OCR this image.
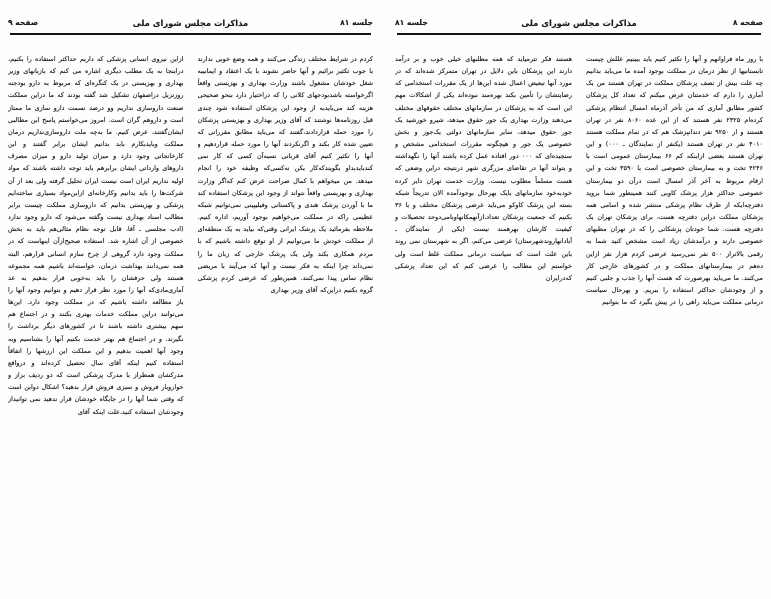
صفحه ۸
مذاکرات مجلس شورای ملی
جلسه ۸۱

با روز ماه فراوانهم و آنها را تکثیر کنیم باید ببینیم عللش چیست تابستانیها از نظر درمان در مملکت بوجود آمده ما می‌باید بدانیم چه علت بیش از نصف پزشکان مملکت در تهران هستند من یک آماری را دارم که خدمتتان عرض میکنم که تعداد کل پزشکان کشور مطابق آماری که من تأخر آذرماه امسال انتظام پزشکی کرده‌ام ۲۳۲۵ نفر هستند که از این عده ۸۰۶۰ نفر در تهران هستند و از ۹۲۵۰ نفر دندانپزشک هم که در تمام مملکت هستند ۴۰۱۰ نفر در تهران هستند (یکنفر از نمایندگان ـ ۰۰۰) و این تهران هستند بعضی ازاینکه کم ۶۶ بیمارستان عمومی است با ۴۲۴۶ تخت و به بیمارستان خصوصی است با ۳۵۹۰ تخت و این ارقام مربوط به آخر آذر امسال است درآن دو بیمارستان خصوصی حداکثر هزار پزشک کاوبی کنند همینطور شما بروید دفترچه‌ایکه از طرف نظام پزشکی منتشر شده و اسامی همه پزشکان مملکت دراین دفترچه هست، برای پزشکان تهران یک دفترچه هست. شما خودتان پزشکانی را که در تهران مطبهای خصوصی دارند و درآمدشان زیاد است مشخص کنید شما به رقمی بالاتراز ۵۰۰ نفر نمی‌رسید عرضی کردم هزار نفر ازاین ده‌هم در بیمارستانهای مملکت و در کشورهای خارجی کار می‌کنند. ما می‌باید بهرصورت که هست آنها را جذب و جلبی کنیم و از وجودشان حداکثر استفاده را ببریم. و بهرحال سیاست درمانی مملکت می‌باید راهی را در پیش بگیرد که ما بتوانیم

هستند فکر تترمیاید که همه مطلبهای خیلی خوب و بر درآمد دارند این پزشکان باین دلایل در تهران متمرکز شده‌اند که در مورد آنها تبعیض اعمال شده این‌ها از یک مقررات استخدامی که رضایتشان را تأمین بکند بهره‌مند نبوده‌اند یکی از اشکالات مهم این است که به پزشکان در سازمانهای مختلف حقوقهای مختلف می‌دهند وزارت بهداری یک جور حقوق میدهد، شیرو خورشید یک جور حقوق میدهد، سایر سازمانهای دولتی یک‌جور و بخش خصوصی یک جور و هیچگونه مقررات استخدامی مشخص و سنجیده‌ای که ۰۰۰ دور افتاده عمل کرده باشند آنها را نگهداشته و بتواند آنها در تقاضای مزرگری شهر درنتیجه دراین وضعی که هست مسلماً مطلوب نیست. وزارت خدمت تهران دایر کرده خودبه‌خود سازمانهای بایک بهرحال بوجودآمده الان تدریجاً شبکه بسته این پزشک کاوکو می‌باید عرضی پزشکان مختلف و با ۳۶ بکنیم که جمعیت پزشکان تعداد،ازآنهمکانهاوبامی‌دوحد تحصیلات و کیفیت کارشان بهرهمند نیست (یکی از نمایندگان ـ آبادانهاروندشهرستان) عرضی می‌کنم، اگر به شهرستان نمی روند باین علت است که سیاست درمانی مملکت غلط است ولی خواستم این مطالب را عرضی کنم که این تعداد پزشکی که‌درایران

جلسه ۸۱
مذاکرات مجلس شورای ملی
صفحه ۹

کردم در شرایط مختلف زندگی می‌کنند و همه وضع خوبی ندارند با جوب تکثیر برائیم و آنها حاضر نشوند با یک اعتقاد و ایمانیبه شغل خودشان مشغول باشند وزارت بهداری و بهزیستی واقعاً اگرخواسته باشدبودجهای کلانی را که دراختیار دارد بنحو صحیحی هزینه کند می‌بایدبه از وجود این پزشکان استفاده شود چندی قبل روزنامه‌ها نوشتند که آقای وزیر بهداری و بهزیستی پزشکان را مورد حمله قراردادند،گفتند که می‌باید مطابق مقرراتی که تعیین شده کار بکند و اگرنکردند آنها را مورد حمله قراردهیم و آنها را تکثیر کنیم آقای قربانی نسبه‌آن کسی که کار نمی کندبایدبداو بگویندکه‌کار یکن نه‌کسی‌که وظیفه خود را انجام میدهد. من میخواهم با کمال صراحت عرض کنم که‌اگر وزارت بهداری و بهزیستی واقعاً نتواند از وجود این پزشکان استفاده کند ما با آوردن پزشک هندی و پاکستانی وفیلیپینی نمی‌توانیم شبکه عظیمی راکه در مملکت می‌خواهیم بوجود آوریم، اداره کنیم. ملاحظه بفرمائید یک پزشک ایرانی وقتی‌که بیاید به یک منطقه‌ای از مملکت خودش ما می‌توانیم از او توقع داشته باشیم که با مردم همکاری بکند ولی یک پزشک خارجی که زبان ما را نمی‌داند چرا اینکه به فکر نیست و آنها که می‌آیند با مریضی نظام تماس پیدا نمی‌کنند. همین‌طور که عرضی کردم پزشکی گروه بکنیم دراین‌که آقای وزیر بهداری

ازاین نیروی انسانی پزشکی که داریم حداکثر استفاده را بکنیم، درابنجا به یک مطلب دیگری اشاره می کنم که بازبانهای وزیر بهداری و بهزیستی در یک کنگره‌ای که مربوط به دارو بودجنه روزتزیل دراصفهان تشکیل شد گفته بودند که ما دراین مملکت صنعت داروسازی نداریم وو درصد نسمت دارو سازی ما ممتاز است و داروهم گران است. امروز می‌خواستم پاسخ این مطالبی ایشان‌گفتند، عرض کنیم. ما به‌چه ملت داروسازی‌نداریم درمان مملکت وبایدبکارم بابد بدانیم ایشان برابر گفتند و ابن کارخانجاتی وجود دارد و میزان تولید دارو و میزان مصرف داروهای وارداتی ایشان برابرهم باید توجه داشته باشند که مواد اولیه نداریم ایران است نیست ایران تحلیل گرفته ولی بعد از آن شرکت‌ها را باید بدانیم وکارخانه‌ای ازاین‌مواد بسیاری ساخته‌ایم پزشکی و بهزیستی بدانیم که داروسازی مملکت چیست برابر مطالب اسناد بهداری نیست وگفته می‌شود که دارو وجود ندارد (ادب مجلسی ـ آقا، قابل توجه نظام مثالی‌هم باید به بخش خصوصی از آن اشاره شد. استفاده صحیح‌ازآن اینهاست که در مملکت وجود دارد گروهی از چرخ سازم انسانی قرارهم، البته همه نمی‌دانند بهداشت درمان، خواسته‌اند باشیم همه مجموعه هستند ولی حرفشان را باید به‌خوبی قرار بدهیم به عد آماری‌مادی‌که آنها را مورد نظر قرار دهیم و بتوانیم وجود آنها را باز مطالعه داشته باشیم که در مملکت وجود دارد. این‌ها می‌توانند دراین مملکت خدمات بهتری بکنند و در اجتماع هم سهم بیشتری داشته باشند تا در کشورهای دیگر برداشت را نگیرند. و در اجتماع هم بهتر خدمت بکنیم آنها را بشناسیم وبه وجود آنها اهمیت بدهیم و این مملکت این ارزشها را اتفاقاً استفاده کنیم اینکه آقای سال تحصیل کرده‌اند و درواقع مدرکشان همطراز با مدرک پزشکی است که دو ردیف بزاز و خواروبار فروش و سبزی فروش قرار بدهید؟ اشکال دوابن است که وقتی شما آنها را در جایگاه خودشان قرار ندهید نمی توانیداز وجودشان استفاده کنید،علت اینکه آقای
